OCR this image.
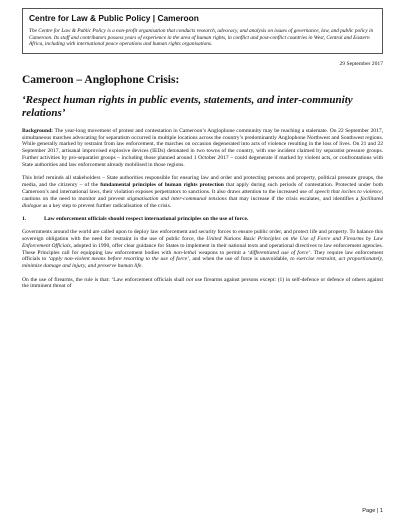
Centre for Law & Public Policy | Cameroon

The Centre for Law & Public Policy is a non-profit organisation that conducts research, advocacy, and analysis on issues of governance, law, and public policy in Cameroon. Its staff and contributors possess years of experience in the area of human rights, in conflict and post-conflict countries in West, Central and Eastern Africa, including with international peace operations and human rights organisations.

29 September 2017

Cameroon – Anglophone Crisis:
‘Respect human rights in public events, statements, and inter-community relations’

Background: The year-long movement of protest and contestation in Cameroon’s Anglophone community may be reaching a stalemate. On 22 September 2017, simultaneous marches advocating for separatism occurred in multiple locations across the country’s predominantly Anglophone Northwest and Southwest regions. While generally marked by restraint from law enforcement, the marches on occasion degenerated into acts of violence resulting in the loss of lives. On 21 and 22 September 2017, artisanal improvised explosive devices (IEDs) detonated in two towns of the country, with one incident claimed by separatist pressure groups. Further activities by pro-separatist groups – including those planned around 1 October 2017 – could degenerate if marked by violent acts, or confrontations with State authorities and law enforcement already mobilised in those regions.

This brief reminds all stakeholders – State authorities responsible for ensuring law and order and protecting persons and property, political pressure groups, the media, and the citizenry – of the fundamental principles of human rights protection that apply during such periods of contestation. Protected under both Cameroon’s and international laws, their violation exposes perpetrators to sanctions. It also draws attention to the increased use of speech that incites to violence, cautions on the need to monitor and prevent stigmatisation and inter-communal tensions that may increase if the crisis escalates, and identifies a facilitated dialogue as a key step to prevent further radicalisation of the crisis.

1.	Law enforcement officials should respect international principles on the use of force.

Governments around the world are called upon to deploy law enforcement and security forces to ensure public order, and protect life and property. To balance this sovereign obligation with the need for restraint in the use of public force, the United Nations Basic Principles on the Use of Force and Firearms by Law Enforcement Officials, adopted in 1990, offer clear guidance for States to implement in their national texts and operational directives to law enforcement agencies. These Principles call for equipping law enforcement bodies with non-lethal weapons to permit a ‘differentiated use of force’. They require law enforcement officials to ‘apply non-violent means before resorting to the use of force’, and when the use of force is unavoidable, to exercise restraint, act proportionately, minimize damage and injury, and preserve human life.

On the use of firearms, the rule is that: ‘Law enforcement officials shall not use firearms against persons except: (1) in self-defence or defence of others against the imminent threat of

Page | 1
